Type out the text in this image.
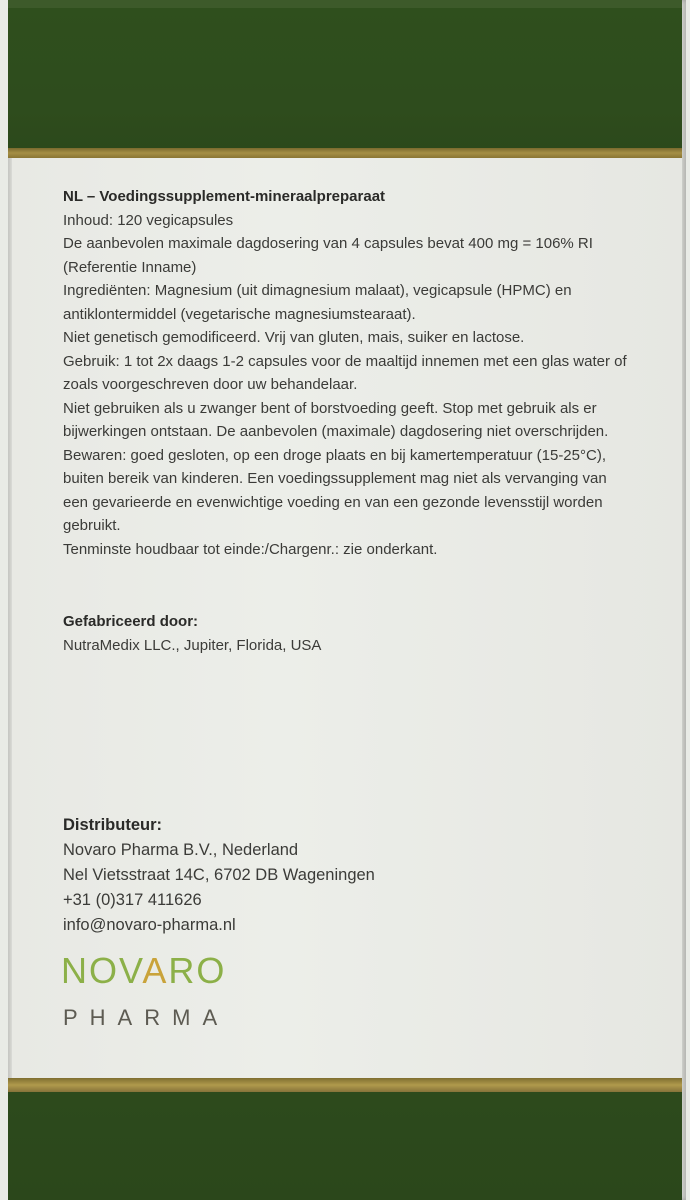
NL – Voedingssupplement-mineraalpreparaat

Inhoud: 120 vegicapsules

De aanbevolen maximale dagdosering van 4 capsules bevat 400 mg = 106% RI

(Referentie Inname)

Ingrediënten: Magnesium (uit dimagnesium malaat), vegicapsule (HPMC) en

antiklontermiddel (vegetarische magnesiumstearaat).

Niet genetisch gemodificeerd. Vrij van gluten, mais, suiker en lactose.

Gebruik: 1 tot 2x daags 1-2 capsules voor de maaltijd innemen met een glas water of

zoals voorgeschreven door uw behandelaar.

Niet gebruiken als u zwanger bent of borstvoeding geeft. Stop met gebruik als er

bijwerkingen ontstaan. De aanbevolen (maximale) dagdosering niet overschrijden.

Bewaren: goed gesloten, op een droge plaats en bij kamertemperatuur (15-25°C),

buiten bereik van kinderen. Een voedingssupplement mag niet als vervanging van

een gevarieerde en evenwichtige voeding en van een gezonde levensstijl worden

gebruikt.

Tenminste houdbaar tot einde:/Chargenr.: zie onderkant.

Gefabriceerd door:

NutraMedix LLC., Jupiter, Florida, USA

Distributeur:

Novaro Pharma B.V., Nederland

Nel Vietsstraat 14C, 6702 DB Wageningen

+31 (0)317 411626

info@novaro-pharma.nl

NOVARO
PHARMA
